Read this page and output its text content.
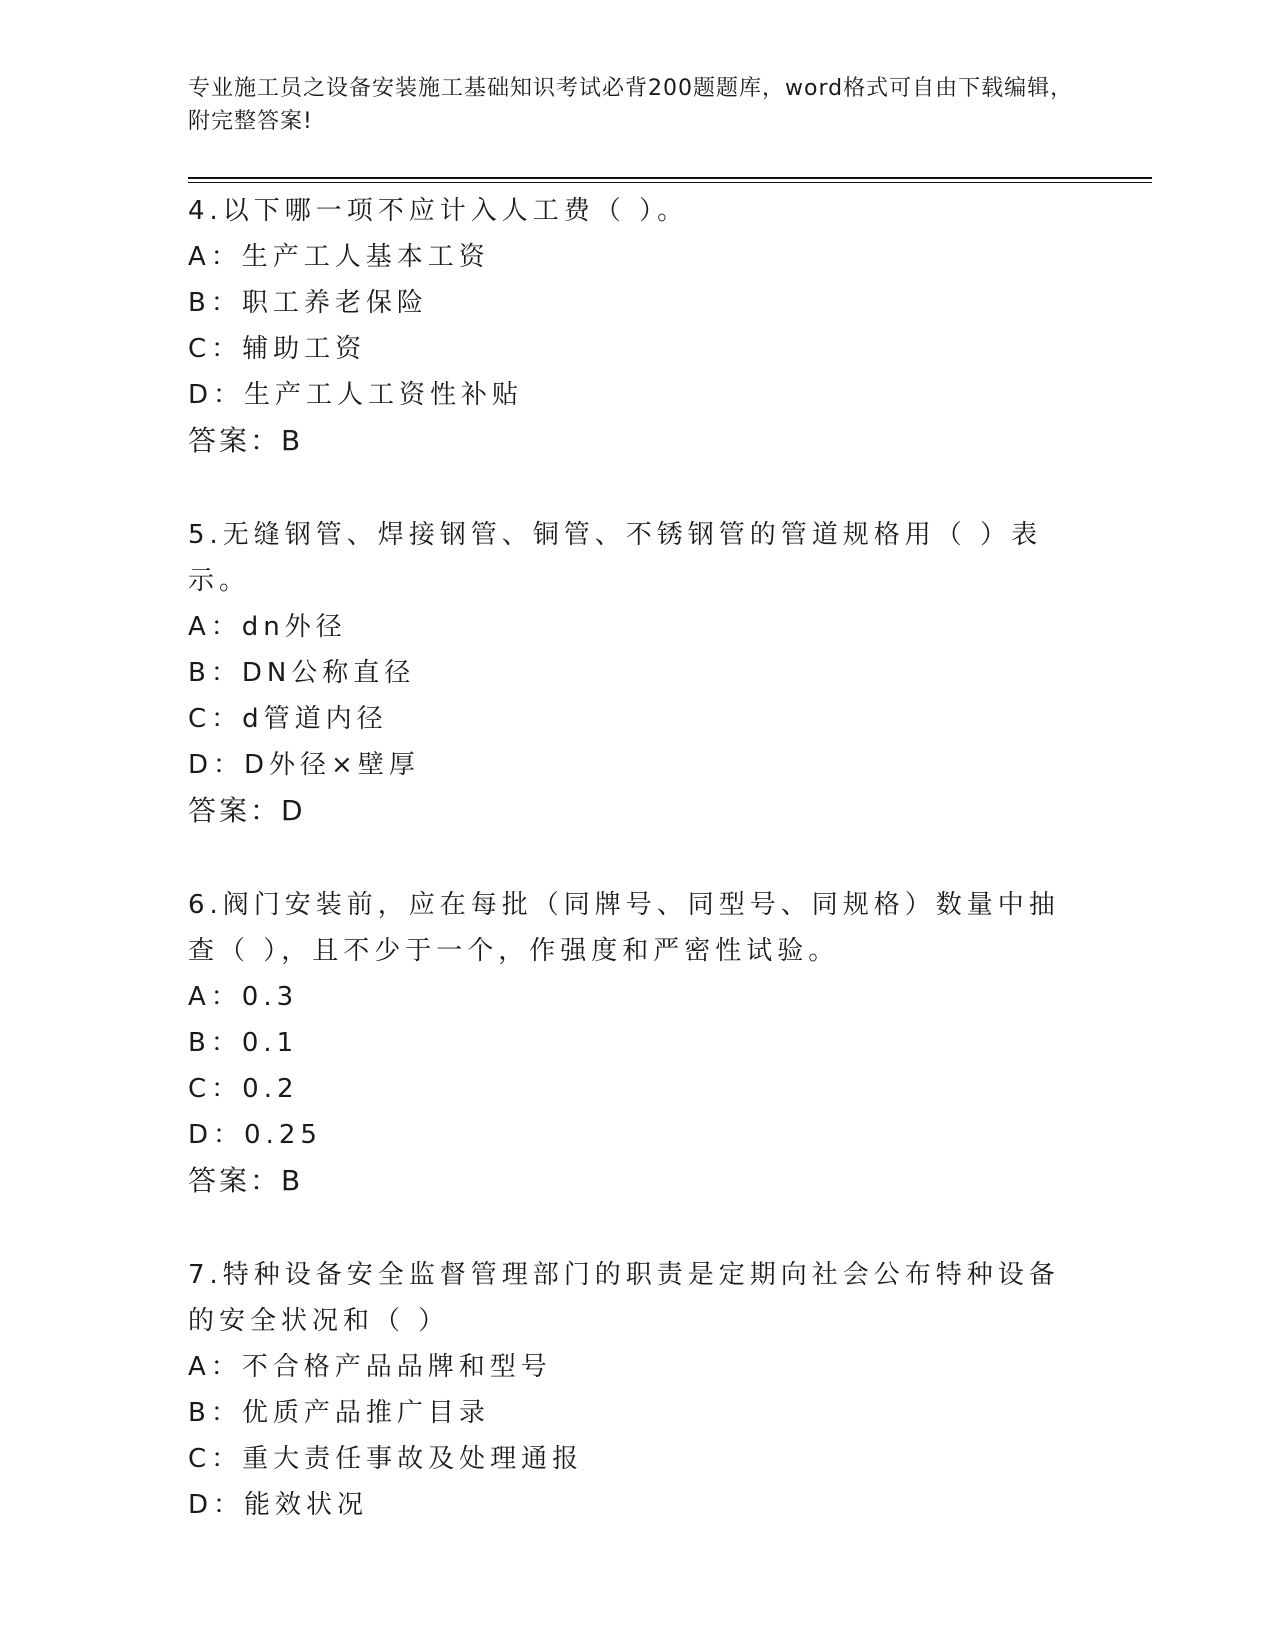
专业施工员之设备安装施工基础知识考试必背200题题库，word格式可自由下载编辑，附完整答案!

4.以下哪一项不应计入人工费（ ）。

A：生产工人基本工资

B：职工养老保险

C：辅助工资

D：生产工人工资性补贴

答案：B

5.无缝钢管、焊接钢管、铜管、不锈钢管的管道规格用（ ）表示。

A：dn外径

B：DN公称直径

C：d管道内径

D：D外径×壁厚

答案：D

6.阀门安装前，应在每批（同牌号、同型号、同规格）数量中抽查（ ），且不少于一个，作强度和严密性试验。

A：0.3

B：0.1

C：0.2

D：0.25

答案：B

7.特种设备安全监督管理部门的职责是定期向社会公布特种设备的安全状况和（ ）

A：不合格产品品牌和型号

B：优质产品推广目录

C：重大责任事故及处理通报

D：能效状况
